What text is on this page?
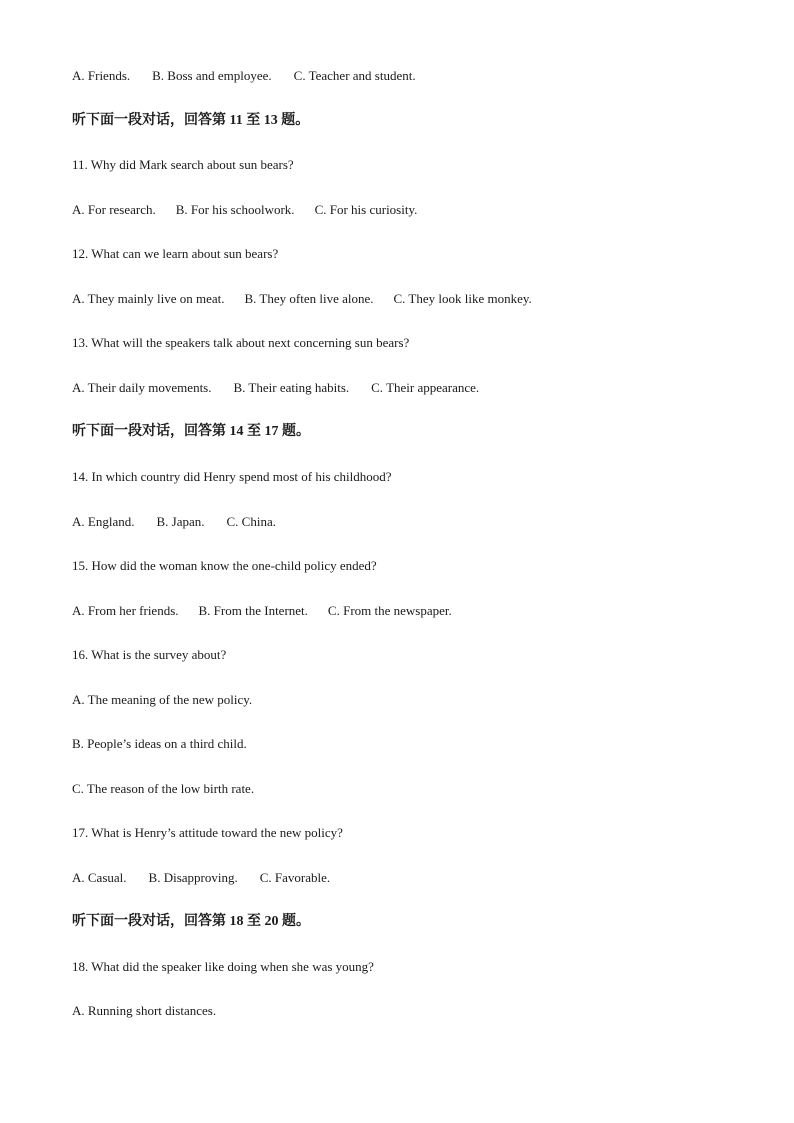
A. Friends. B. Boss and employee. C. Teacher and student.
听下面一段对话，回答第 11 至 13 题。
11. Why did Mark search about sun bears?
A. For research. B. For his schoolwork. C. For his curiosity.
12. What can we learn about sun bears?
A. They mainly live on meat. B. They often live alone. C. They look like monkey.
13. What will the speakers talk about next concerning sun bears?
A. Their daily movements. B. Their eating habits. C. Their appearance.
听下面一段对话，回答第 14 至 17 题。
14. In which country did Henry spend most of his childhood?
A. England. B. Japan. C. China.
15. How did the woman know the one-child policy ended?
A. From her friends. B. From the Internet. C. From the newspaper.
16. What is the survey about?
A. The meaning of the new policy.
B. People’s ideas on a third child.
C. The reason of the low birth rate.
17. What is Henry’s attitude toward the new policy?
A. Casual. B. Disapproving. C. Favorable.
听下面一段对话，回答第 18 至 20 题。
18. What did the speaker like doing when she was young?
A. Running short distances.
